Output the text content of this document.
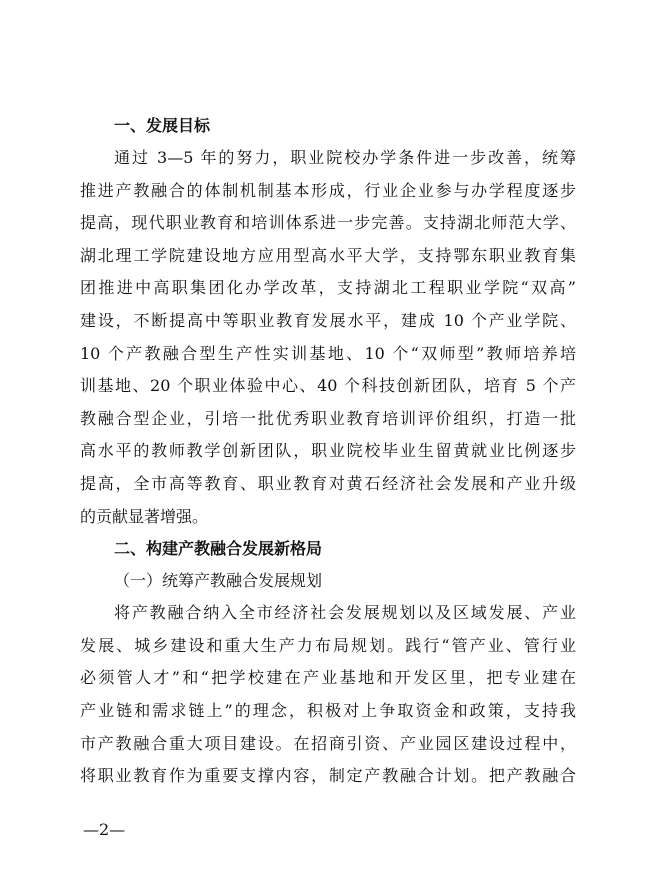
一、发展目标
通过 3—5 年的努力，职业院校办学条件进一步改善，统筹
推进产教融合的体制机制基本形成，行业企业参与办学程度逐步
提高，现代职业教育和培训体系进一步完善。支持湖北师范大学、
湖北理工学院建设地方应用型高水平大学，支持鄂东职业教育集
团推进中高职集团化办学改革，支持湖北工程职业学院“双高”
建设，不断提高中等职业教育发展水平，建成 10 个产业学院、
10 个产教融合型生产性实训基地、10 个“双师型”教师培养培
训基地、20 个职业体验中心、40 个科技创新团队，培育 5 个产
教融合型企业，引培一批优秀职业教育培训评价组织，打造一批
高水平的教师教学创新团队，职业院校毕业生留黄就业比例逐步
提高，全市高等教育、职业教育对黄石经济社会发展和产业升级
的贡献显著增强。
二、构建产教融合发展新格局
（一）统筹产教融合发展规划
将产教融合纳入全市经济社会发展规划以及区域发展、产业
发展、城乡建设和重大生产力布局规划。践行“管产业、管行业
必须管人才”和“把学校建在产业基地和开发区里，把专业建在
产业链和需求链上”的理念，积极对上争取资金和政策，支持我
市产教融合重大项目建设。在招商引资、产业园区建设过程中，
将职业教育作为重要支撑内容，制定产教融合计划。把产教融合
—2—
